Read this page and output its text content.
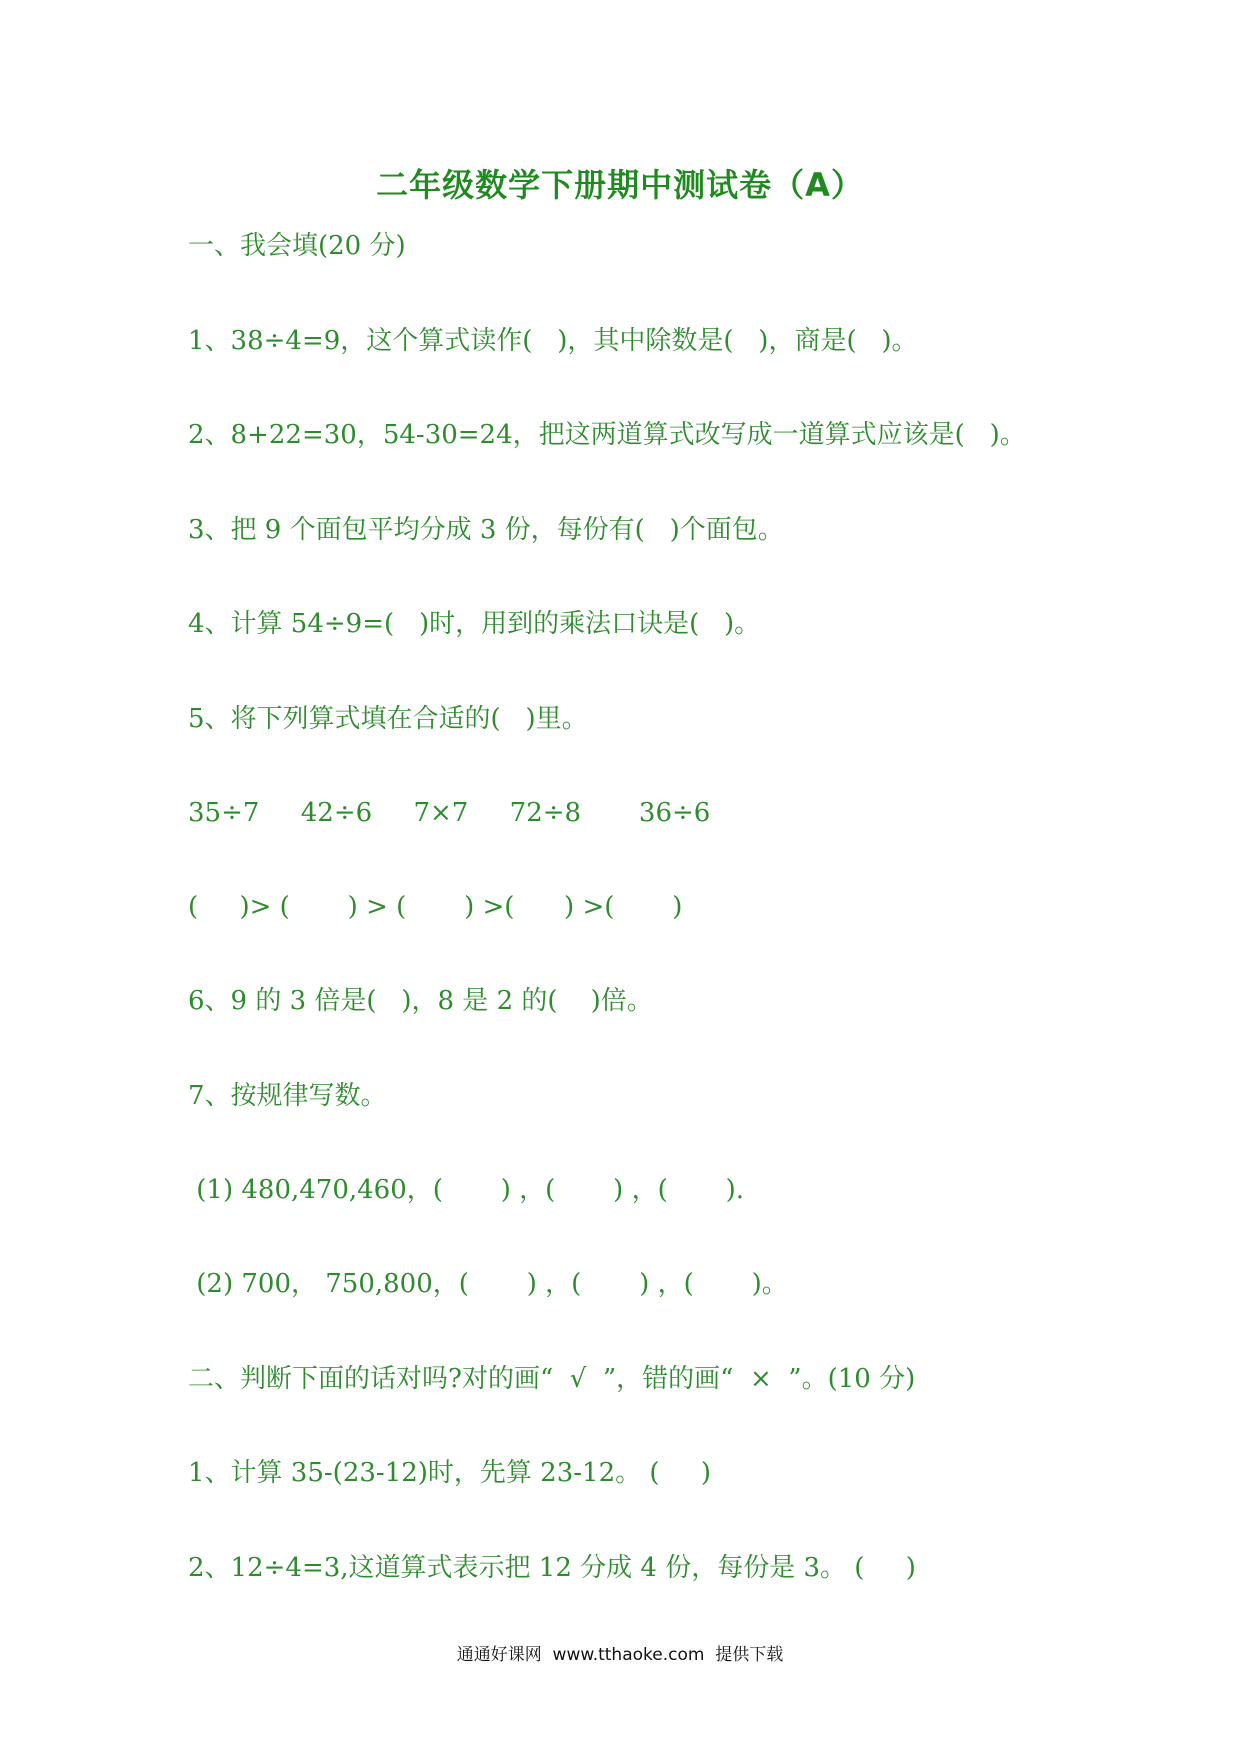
二年级数学下册期中测试卷（A）
一、我会填(20 分)
1、38÷4=9，这个算式读作(   )，其中除数是(   )，商是(   )。
2、8+22=30，54-30=24，把这两道算式改写成一道算式应该是(   )。
3、把 9 个面包平均分成 3 份，每份有(   )个面包。
4、计算 54÷9=(   )时，用到的乘法口诀是(   )。
5、将下列算式填在合适的(   )里。
35÷7     42÷6     7×7     72÷8       36÷6
(     )> (       ) > (       ) >(      ) >(       )
6、9 的 3 倍是(   )，8 是 2 的(    )倍。
7、按规律写数。
(1) 480,470,460，(       ) ，(       ) ，(       ).
(2) 700， 750,800，(       ) ，(       ) ，(       )。
二、判断下面的话对吗?对的画“  √  ”，错的画“  ×  ”。(10 分)
1、计算 35-(23-12)时，先算 23-12。 (     )
2、12÷4=3,这道算式表示把 12 分成 4 份，每份是 3。 (     )
通通好课网  www.tthaoke.com  提供下载
